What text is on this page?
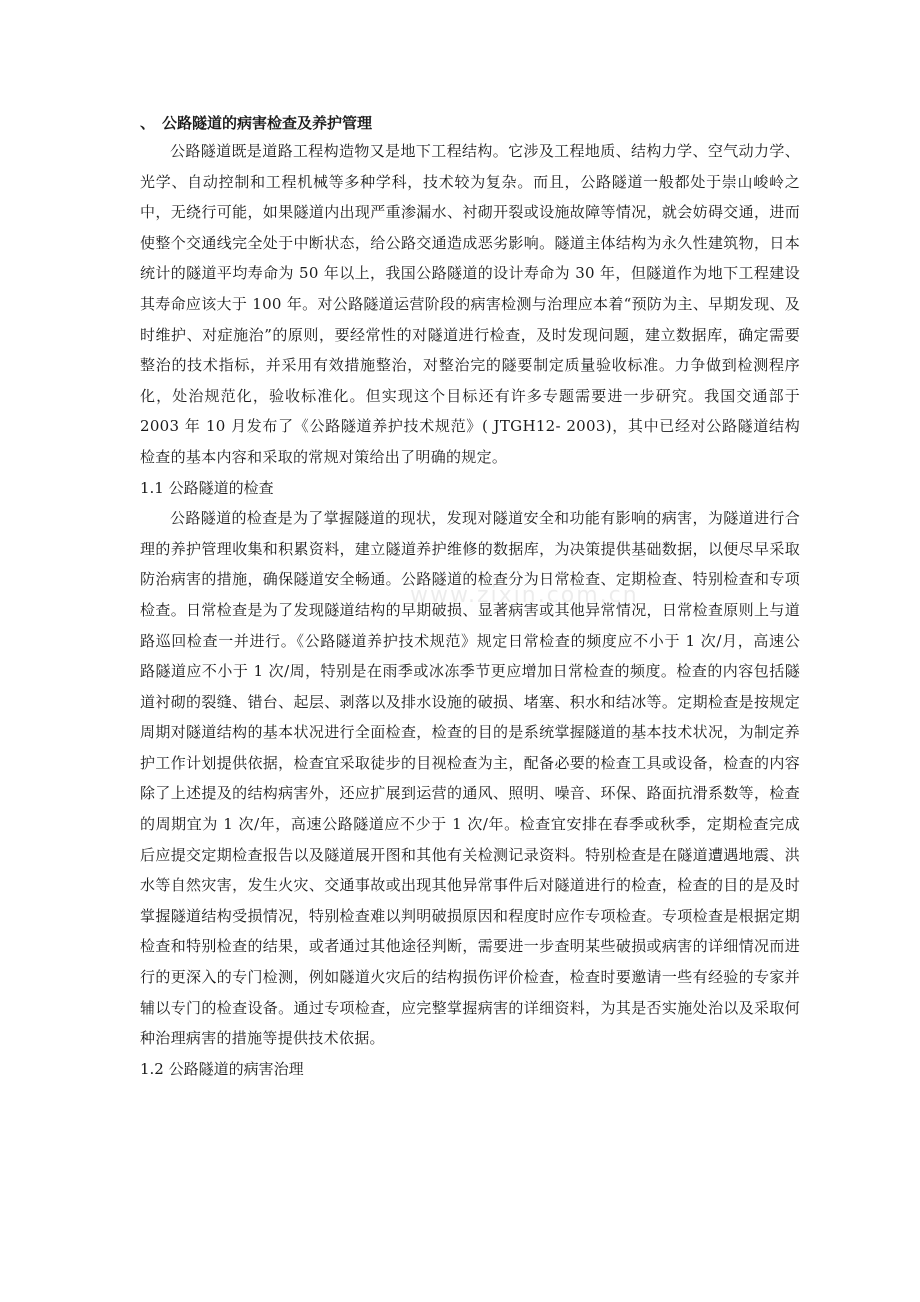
、 公路隧道的病害检查及养护管理

公路隧道既是道路工程构造物又是地下工程结构。它涉及工程地质、结构力学、空气动力学、光学、自动控制和工程机械等多种学科，技术较为复杂。而且，公路隧道一般都处于崇山峻岭之中，无绕行可能，如果隧道内出现严重渗漏水、衬砌开裂或设施故障等情况，就会妨碍交通，进而使整个交通线完全处于中断状态，给公路交通造成恶劣影响。隧道主体结构为永久性建筑物，日本统计的隧道平均寿命为 50 年以上，我国公路隧道的设计寿命为 30 年，但隧道作为地下工程建设其寿命应该大于 100 年。对公路隧道运营阶段的病害检测与治理应本着“预防为主、早期发现、及时维护、对症施治”的原则，要经常性的对隧道进行检查，及时发现问题，建立数据库，确定需要整治的技术指标，并采用有效措施整治，对整治完的隧要制定质量验收标准。力争做到检测程序化，处治规范化，验收标准化。但实现这个目标还有许多专题需要进一步研究。我国交通部于 2003 年 10 月发布了《公路隧道养护技术规范》( JTGH12- 2003)，其中已经对公路隧道结构检查的基本内容和采取的常规对策给出了明确的规定。

1.1 公路隧道的检查

公路隧道的检查是为了掌握隧道的现状，发现对隧道安全和功能有影响的病害，为隧道进行合理的养护管理收集和积累资料，建立隧道养护维修的数据库，为决策提供基础数据，以便尽早采取防治病害的措施，确保隧道安全畅通。公路隧道的检查分为日常检查、定期检查、特别检查和专项检查。日常检查是为了发现隧道结构的早期破损、显著病害或其他异常情况，日常检查原则上与道路巡回检查一并进行。《公路隧道养护技术规范》规定日常检查的频度应不小于 1 次/月，高速公路隧道应不小于 1 次/周，特别是在雨季或冰冻季节更应增加日常检查的频度。检查的内容包括隧道衬砌的裂缝、错台、起层、剥落以及排水设施的破损、堵塞、积水和结冰等。定期检查是按规定周期对隧道结构的基本状况进行全面检查，检查的目的是系统掌握隧道的基本技术状况，为制定养护工作计划提供依据，检查宜采取徒步的目视检查为主，配备必要的检查工具或设备，检查的内容除了上述提及的结构病害外，还应扩展到运营的通风、照明、噪音、环保、路面抗滑系数等，检查的周期宜为 1 次/年，高速公路隧道应不少于 1 次/年。检查宜安排在春季或秋季，定期检查完成后应提交定期检查报告以及隧道展开图和其他有关检测记录资料。特别检查是在隧道遭遇地震、洪水等自然灾害，发生火灾、交通事故或出现其他异常事件后对隧道进行的检查，检查的目的是及时掌握隧道结构受损情况，特别检查难以判明破损原因和程度时应作专项检查。专项检查是根据定期检查和特别检查的结果，或者通过其他途径判断，需要进一步查明某些破损或病害的详细情况而进行的更深入的专门检测，例如隧道火灾后的结构损伤评价检查，检查时要邀请一些有经验的专家并辅以专门的检查设备。通过专项检查，应完整掌握病害的详细资料，为其是否实施处治以及采取何种治理病害的措施等提供技术依据。

1.2 公路隧道的病害治理

www.zixin.com.cn
